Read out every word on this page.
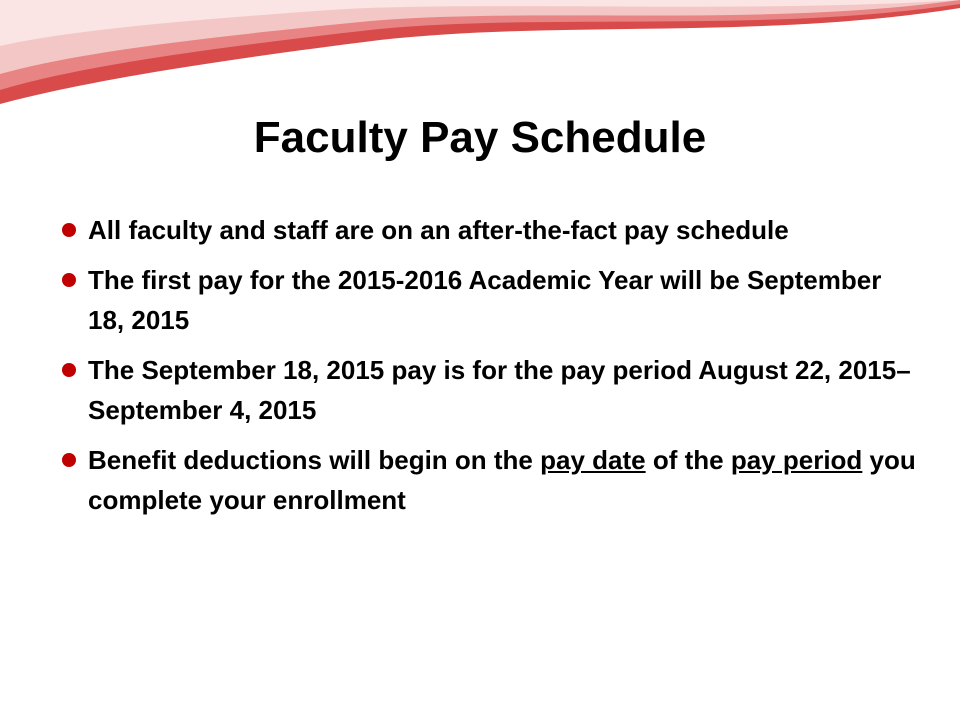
Faculty Pay Schedule
All faculty and staff are on an after-the-fact pay schedule
The first pay for the 2015-2016 Academic Year will be September 18, 2015
The September 18, 2015 pay is for the pay period August 22, 2015– September 4, 2015
Benefit deductions will begin on the pay date of the pay period you complete your enrollment
